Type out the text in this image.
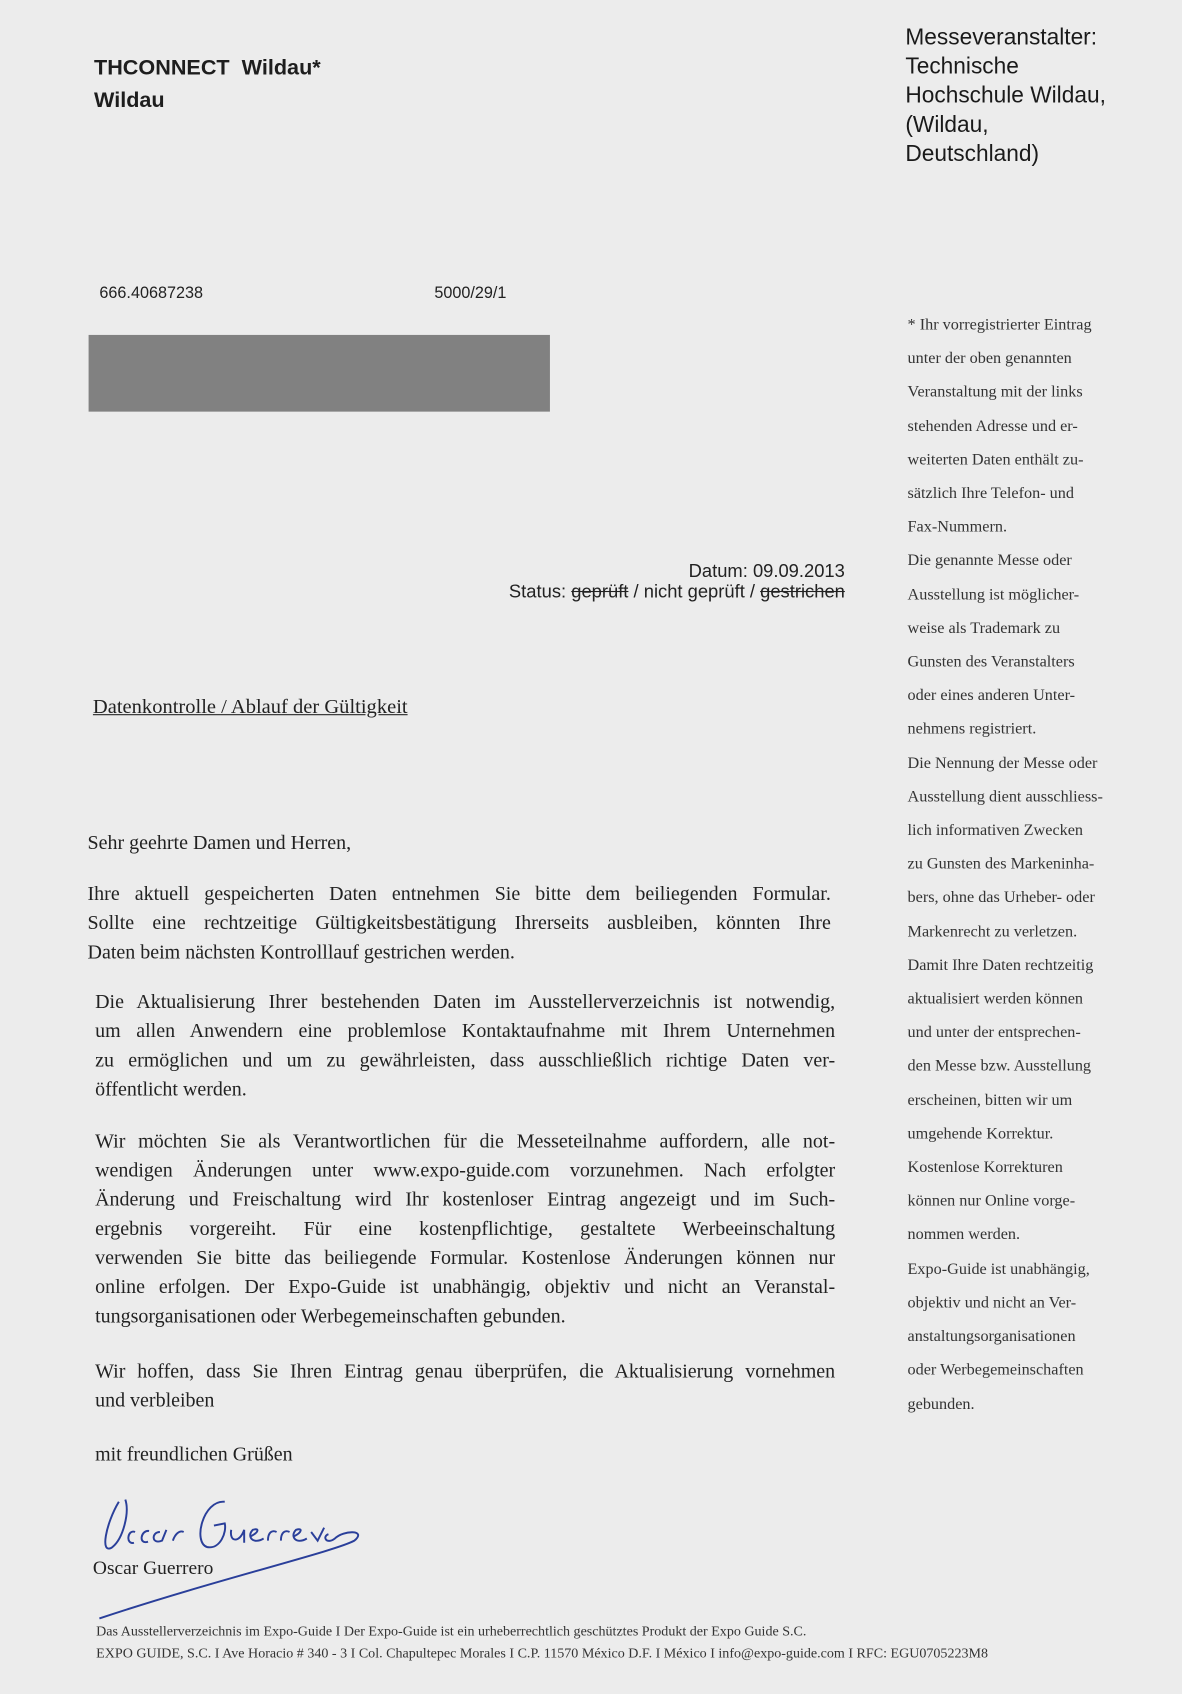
THCONNECT  Wildau*
Wildau
Messeveranstalter:
Technische
Hochschule Wildau,
(Wildau,
Deutschland)
666.40687238	5000/29/1
Datum: 09.09.2013
Status: geprüft / nicht geprüft / gestrichen
Datenkontrolle / Ablauf der Gültigkeit
Sehr geehrte Damen und Herren,
Ihre aktuell gespeicherten Daten entnehmen Sie bitte dem beiliegenden Formular.
Sollte eine rechtzeitige Gültigkeitsbestätigung Ihrerseits ausbleiben, könnten Ihre
Daten beim nächsten Kontrolllauf gestrichen werden.
Die Aktualisierung Ihrer bestehenden Daten im Ausstellerverzeichnis ist notwendig,
um allen Anwendern eine problemlose Kontaktaufnahme mit Ihrem Unternehmen
zu ermöglichen und um zu gewährleisten, dass ausschließlich richtige Daten ver-
öffentlicht werden.
Wir möchten Sie als Verantwortlichen für die Messeteilnahme auffordern, alle not-
wendigen Änderungen unter www.expo-guide.com vorzunehmen. Nach erfolgter
Änderung und Freischaltung wird Ihr kostenloser Eintrag angezeigt und im Such-
ergebnis vorgereiht. Für eine kostenpflichtige, gestaltete Werbeeinschaltung
verwenden Sie bitte das beiliegende Formular. Kostenlose Änderungen können nur
online erfolgen. Der Expo-Guide ist unabhängig, objektiv und nicht an Veranstal-
tungsorganisationen oder Werbegemeinschaften gebunden.
Wir hoffen, dass Sie Ihren Eintrag genau überprüfen, die Aktualisierung vornehmen
und verbleiben
mit freundlichen Grüßen
Oscar Guerrero
* Ihr vorregistrierter Eintrag
unter der oben genannten
Veranstaltung mit der links
stehenden Adresse und er-
weiterten Daten enthält zu-
sätzlich Ihre Telefon- und
Fax-Nummern.
Die genannte Messe oder
Ausstellung ist möglicher-
weise als Trademark zu
Gunsten des Veranstalters
oder eines anderen Unter-
nehmens registriert.
Die Nennung der Messe oder
Ausstellung dient ausschliess-
lich informativen Zwecken
zu Gunsten des Markeninha-
bers, ohne das Urheber- oder
Markenrecht zu verletzen.
Damit Ihre Daten rechtzeitig
aktualisiert werden können
und unter der entsprechen-
den Messe bzw. Ausstellung
erscheinen, bitten wir um
umgehende Korrektur.
Kostenlose Korrekturen
können nur Online vorge-
nommen werden.
Expo-Guide ist unabhängig,
objektiv und nicht an Ver-
anstaltungsorganisationen
oder Werbegemeinschaften
gebunden.
Das Ausstellerverzeichnis im Expo-Guide I Der Expo-Guide ist ein urheberrechtlich geschütztes Produkt der Expo Guide S.C.
EXPO GUIDE, S.C. I Ave Horacio # 340 - 3 I Col. Chapultepec Morales I C.P. 11570 México D.F. I México I info@expo-guide.com I RFC: EGU0705223M8
